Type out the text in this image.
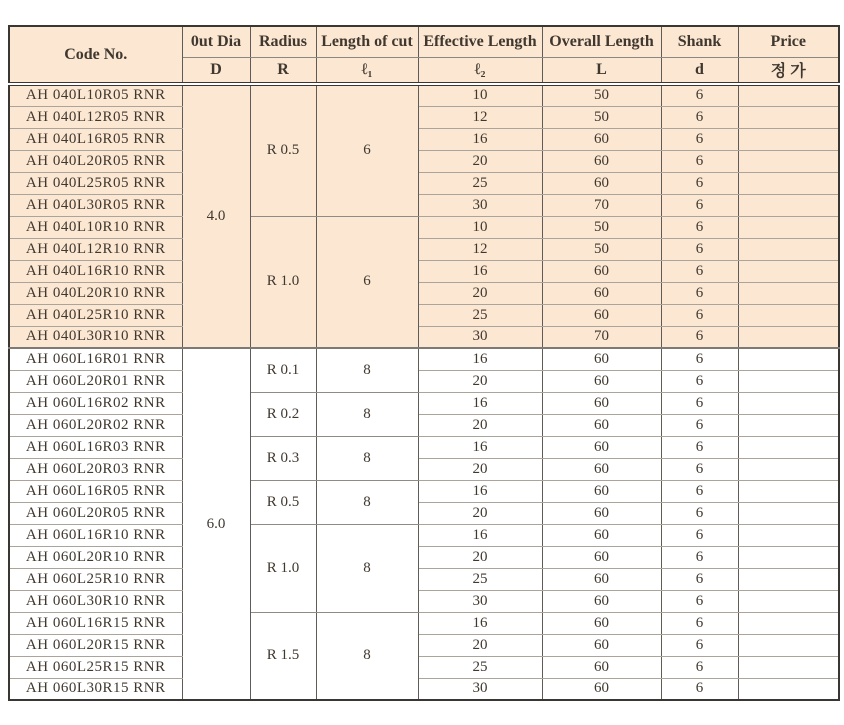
Code No.	0ut Dia	Radius	Length of cut	Effective Length	Overall Length	Shank	Price
	D	R	ℓ₁	ℓ₂	L	d	정 가
AH 040L10R05 RNR	4.0	R 0.5	6	10	50	6	
AH 040L12R05 RNR				12	50	6	
AH 040L16R05 RNR				16	60	6	
AH 040L20R05 RNR				20	60	6	
AH 040L25R05 RNR				25	60	6	
AH 040L30R05 RNR				30	70	6	
AH 040L10R10 RNR		R 1.0	6	10	50	6	
AH 040L12R10 RNR				12	50	6	
AH 040L16R10 RNR				16	60	6	
AH 040L20R10 RNR				20	60	6	
AH 040L25R10 RNR				25	60	6	
AH 040L30R10 RNR				30	70	6	
AH 060L16R01 RNR	6.0	R 0.1	8	16	60	6	
AH 060L20R01 RNR				20	60	6	
AH 060L16R02 RNR		R 0.2	8	16	60	6	
AH 060L20R02 RNR				20	60	6	
AH 060L16R03 RNR		R 0.3	8	16	60	6	
AH 060L20R03 RNR				20	60	6	
AH 060L16R05 RNR		R 0.5	8	16	60	6	
AH 060L20R05 RNR				20	60	6	
AH 060L16R10 RNR		R 1.0	8	16	60	6	
AH 060L20R10 RNR				20	60	6	
AH 060L25R10 RNR				25	60	6	
AH 060L30R10 RNR				30	60	6	
AH 060L16R15 RNR		R 1.5	8	16	60	6	
AH 060L20R15 RNR				20	60	6	
AH 060L25R15 RNR				25	60	6	
AH 060L30R15 RNR				30	60	6	
